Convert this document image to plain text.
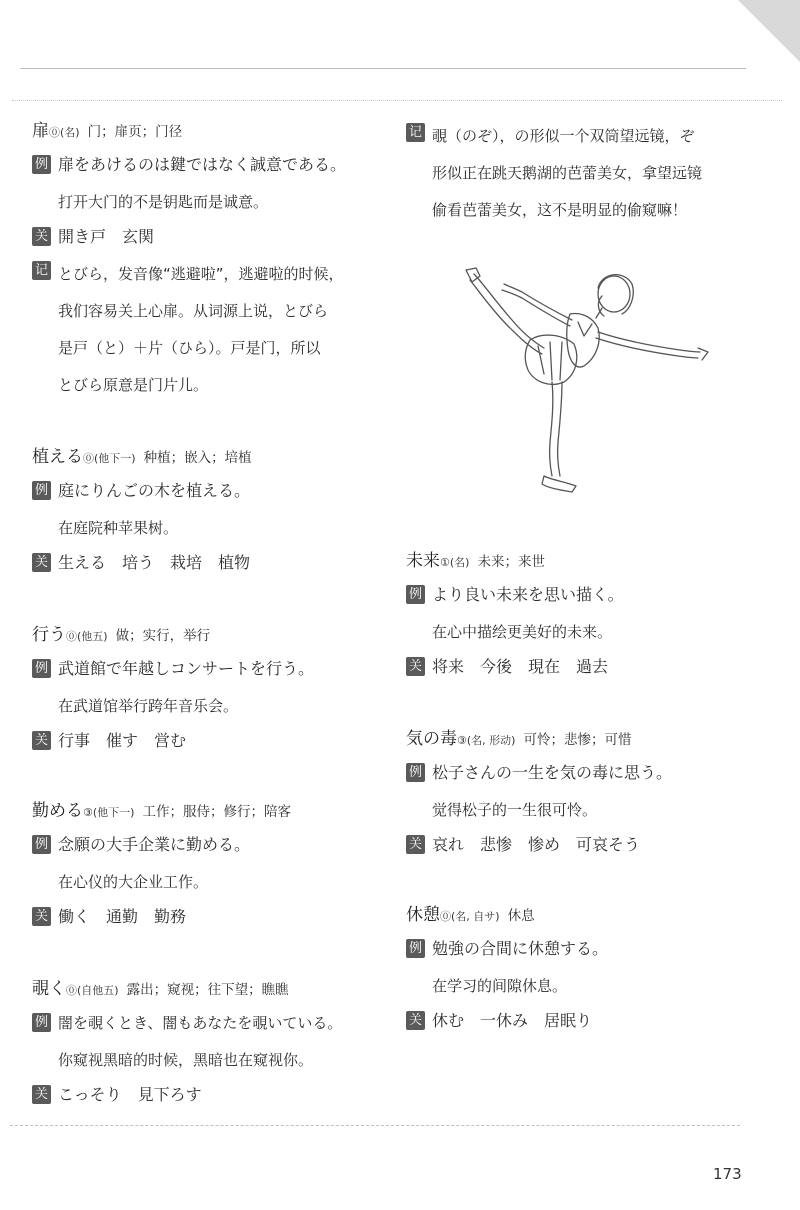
扉⓪(名) 门；扉页；门径
例 扉をあけるのは鍵ではなく誠意である。
打开大门的不是钥匙而是诚意。
关 開き戸　玄関
记 とびら，发音像“逃避啦”，逃避啦的时候，
我们容易关上心扉。从词源上说，とびら
是戸（と）＋片（ひら）。戸是门，所以
とびら原意是门片儿。
植える⓪(他下一) 种植；嵌入；培植
例 庭にりんごの木を植える。
在庭院种苹果树。
关 生える　培う　栽培　植物
行う⓪(他五) 做；实行，举行
例 武道館で年越しコンサートを行う。
在武道馆举行跨年音乐会。
关 行事　催す　営む
勤める③(他下一) 工作；服侍；修行；陪客
例 念願の大手企業に勤める。
在心仪的大企业工作。
关 働く　通勤　勤務
覗く⓪(自他五) 露出；窥视；往下望；瞧瞧
例 闇を覗くとき、闇もあなたを覗いている。
你窥视黑暗的时候，黑暗也在窥视你。
关 こっそり　見下ろす
记 覗（のぞ），の形似一个双筒望远镜，ぞ
形似正在跳天鹅湖的芭蕾美女，拿望远镜
偷看芭蕾美女，这不是明显的偷窥嘛！
未来①(名) 未来；来世
例 より良い未来を思い描く。
在心中描绘更美好的未来。
关 将来　今後　現在　過去
気の毒③(名, 形动) 可怜；悲惨；可惜
例 松子さんの一生を気の毒に思う。
觉得松子的一生很可怜。
关 哀れ　悲惨　惨め　可哀そう
休憩⓪(名, 自サ) 休息
例 勉強の合間に休憩する。
在学习的间隙休息。
关 休む　一休み　居眠り
173
